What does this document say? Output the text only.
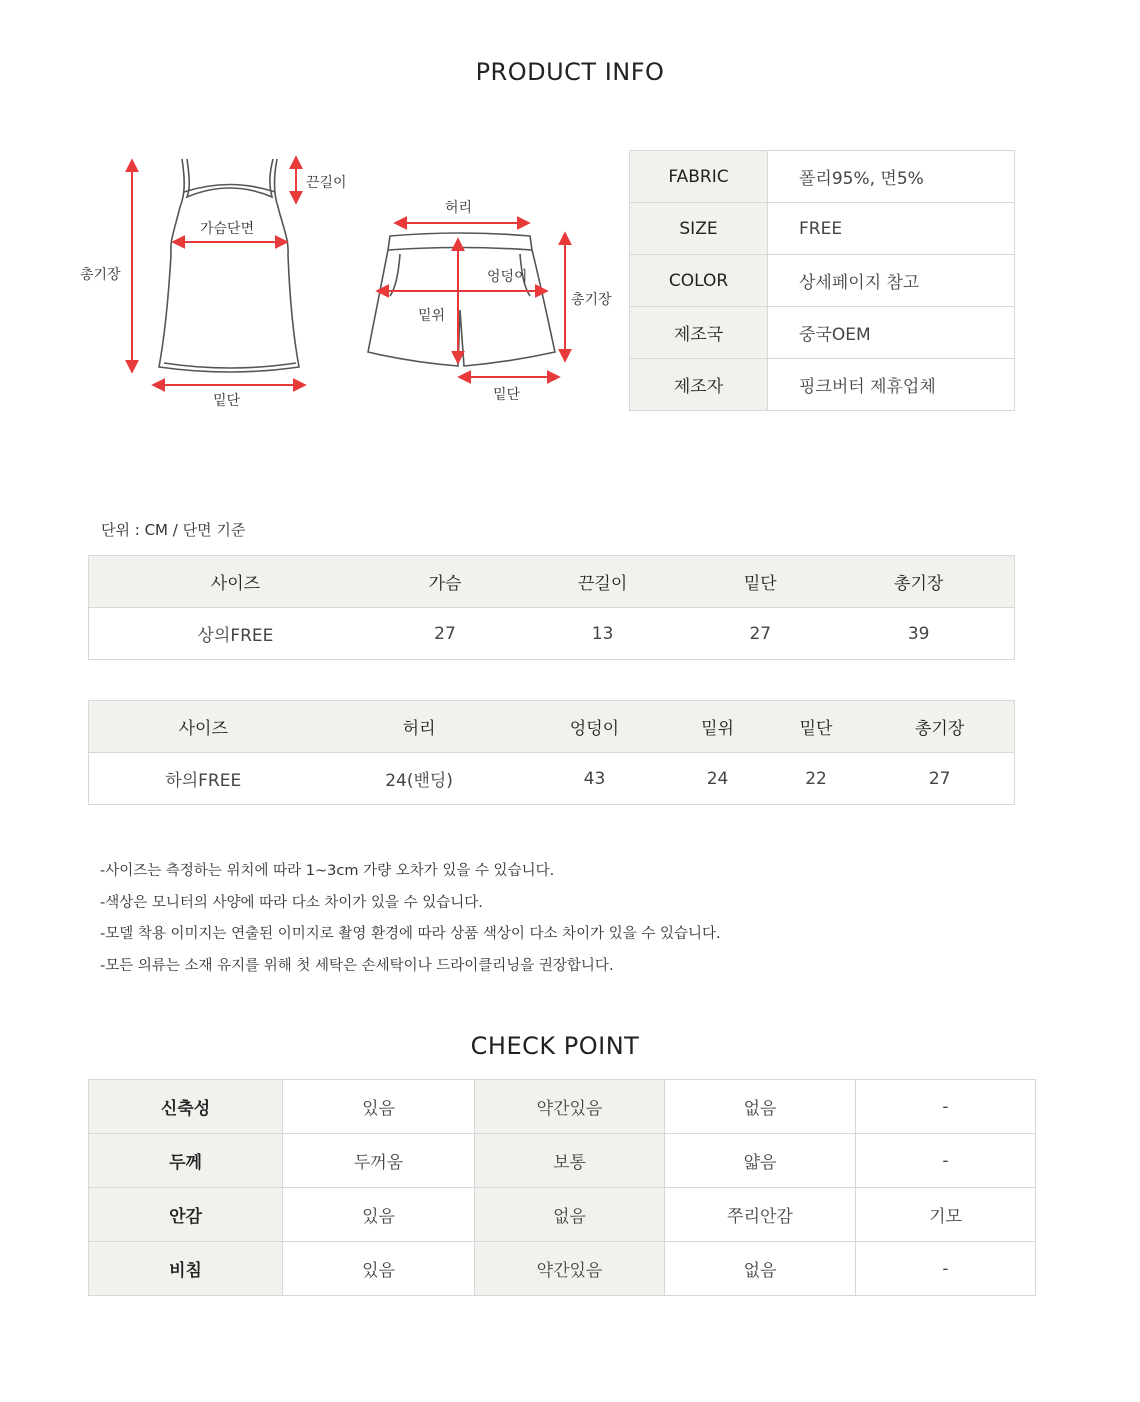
PRODUCT INFO
끈길이
가슴단면
총기장
밑단
허리
엉덩이
밑위
총기장
밑단
FABRIC	폴리95%, 면5%
SIZE	FREE
COLOR	상세페이지 참고
제조국	중국OEM
제조자	핑크버터 제휴업체
단위 : CM / 단면 기준
사이즈	가슴	끈길이	밑단	총기장
상의FREE	27	13	27	39
사이즈	허리	엉덩이	밑위	밑단	총기장
하의FREE	24(밴딩)	43	24	22	27
-사이즈는 측정하는 위치에 따라 1~3cm 가량 오차가 있을 수 있습니다.
-색상은 모니터의 사양에 따라 다소 차이가 있을 수 있습니다.
-모델 착용 이미지는 연출된 이미지로 촬영 환경에 따라 상품 색상이 다소 차이가 있을 수 있습니다.
-모든 의류는 소재 유지를 위해 첫 세탁은 손세탁이나 드라이클리닝을 권장합니다.
CHECK POINT
신축성	있음	약간있음	없음	-
두께	두꺼움	보통	얇음	-
안감	있음	없음	쭈리안감	기모
비침	있음	약간있음	없음	-
